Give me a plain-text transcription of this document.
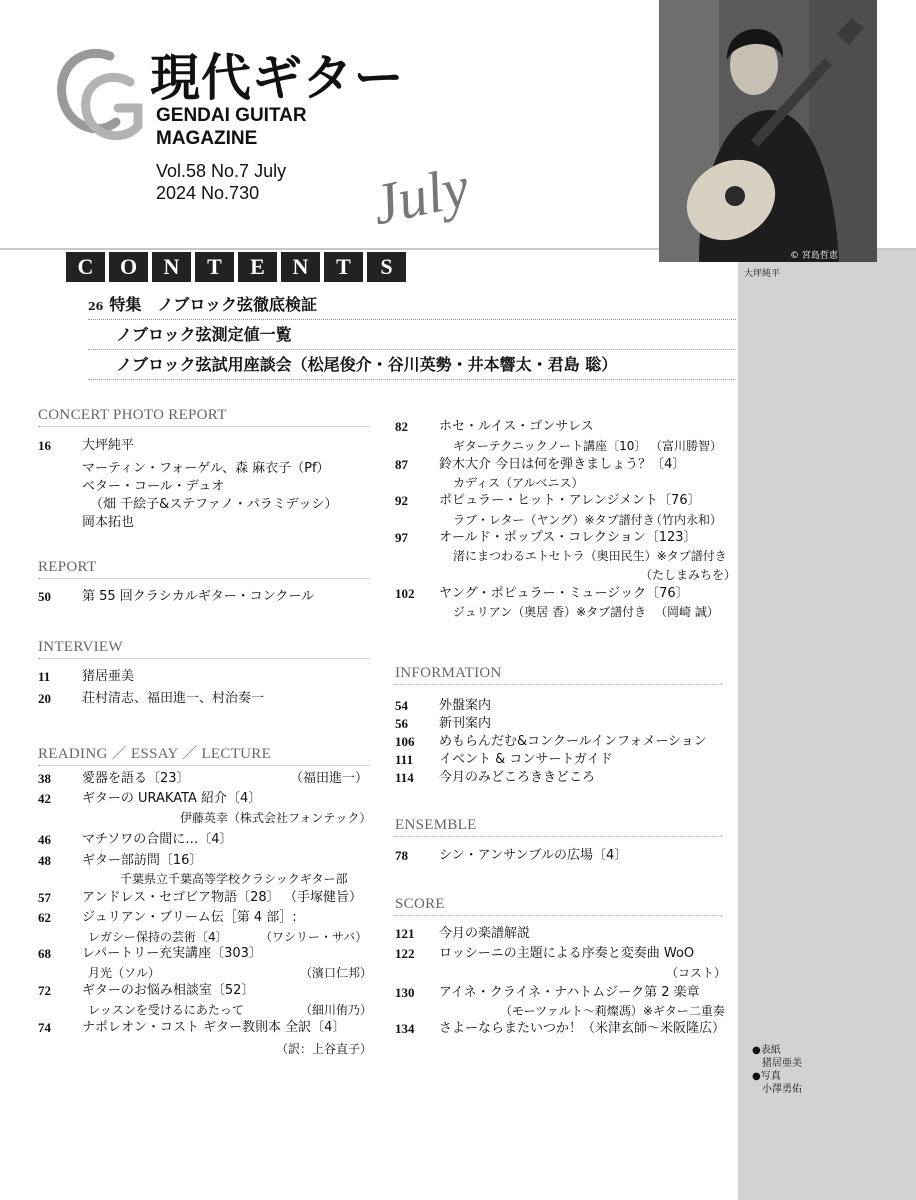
現代ギター
GENDAI GUITAR
MAGAZINE
Vol.58 No.7 July
2024 No.730	July
© 宮島哲恵
大坪純平
C	O	N	T	E	N	T	S
26 特集　ノブロック弦徹底検証
ノブロック弦測定値一覧
ノブロック弦試用座談会（松尾俊介・谷川英勢・井本響太・君島 聡）
CONCERT PHOTO REPORT
16	大坪純平
マーティン・フォーゲル、森 麻衣子（Pf）
ベター・コール・デュオ
（畑 千絵子&ステファノ・パラミデッシ）
岡本拓也
REPORT
50	第 55 回クラシカルギター・コンクール
INTERVIEW
11	猪居亜美
20	荘村清志、福田進一、村治奏一
READING ／ ESSAY ／ LECTURE
38	愛器を語る〔23〕	（福田進一）
42	ギターの URAKATA 紹介〔4〕
伊藤英幸（株式会社フォンテック）
46	マチソワの合間に…〔4〕
48	ギター部訪問〔16〕
千葉県立千葉高等学校クラシックギター部
57	アンドレス・セゴビア物語〔28〕 （手塚健旨）
62	ジュリアン・ブリーム伝［第 4 部］:
レガシー保持の芸術〔4〕	（ワシリー・サバ）
68	レパートリー充実講座〔303〕
月光（ソル）	（濱口仁邦）
72	ギターのお悩み相談室〔52〕
レッスンを受けるにあたって	（細川侑乃）
74	ナポレオン・コスト ギター教則本 全訳〔4〕
（訳：上谷直子）
82	ホセ・ルイス・ゴンサレス
ギターテクニックノート講座〔10〕 （富川勝智）
87	鈴木大介 今日は何を弾きましょう？〔4〕
カディス（アルベニス）
92	ポピュラー・ヒット・アレンジメント〔76〕
ラブ・レター（ヤング）※タブ譜付き
（竹内永和）
97	オールド・ポップス・コレクション〔123〕
渚にまつわるエトセトラ（奥田民生）※タブ譜付き
（たしまみちを）
102	ヤング・ポピュラー・ミュージック〔76〕
ジュリアン（奥居 香）※タブ譜付き （岡崎 誠）
INFORMATION
54	外盤案内
56	新刊案内
106	めもらんだむ&コンクールインフォメーション
111	イベント & コンサートガイド
114	今月のみどころききどころ
ENSEMBLE
78	シン・アンサンブルの広場〔4〕
SCORE
121	今月の楽譜解説
122	ロッシーニの主題による序奏と変奏曲 WoO
（コスト）
130	アイネ・クライネ・ナハトムジーク第 2 楽章
（モーツァルト～莉燦馮）※ギター二重奏
134	さよーならまたいつか！（米津玄師～米阪隆広）
●表紙
猪居亜美
●写真
小澤勇佑
